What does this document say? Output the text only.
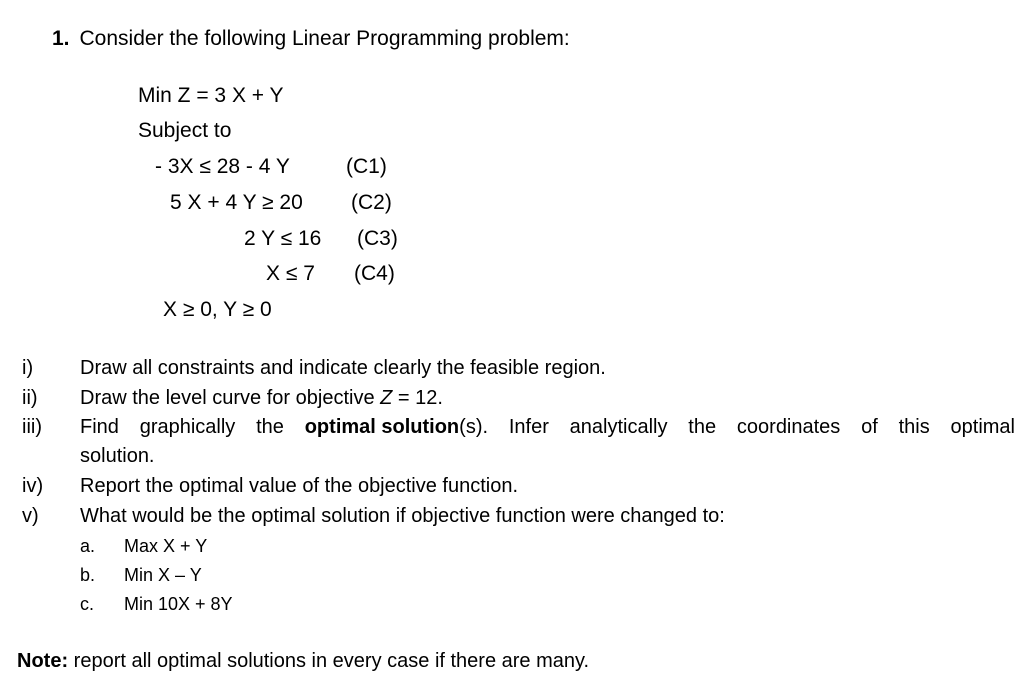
1. Consider the following Linear Programming problem:
Min Z = 3 X + Y
Subject to
- 3X ≤ 28 - 4 Y	(C1)
5 X + 4 Y ≥ 20 (C2)
2 Y ≤ 16 (C3)
X ≤ 7 (C4)
X ≥ 0, Y ≥ 0
i) Draw all constraints and indicate clearly the feasible region.
ii) Draw the level curve for objective Z = 12.
iii) Find graphically the optimal solution(s). Infer analytically the coordinates of this optimal
solution.
iv) Report the optimal value of the objective function.
v) What would be the optimal solution if objective function were changed to:
a. Max X + Y
b. Min X – Y
c. Min 10X + 8Y
Note: report all optimal solutions in every case if there are many.
